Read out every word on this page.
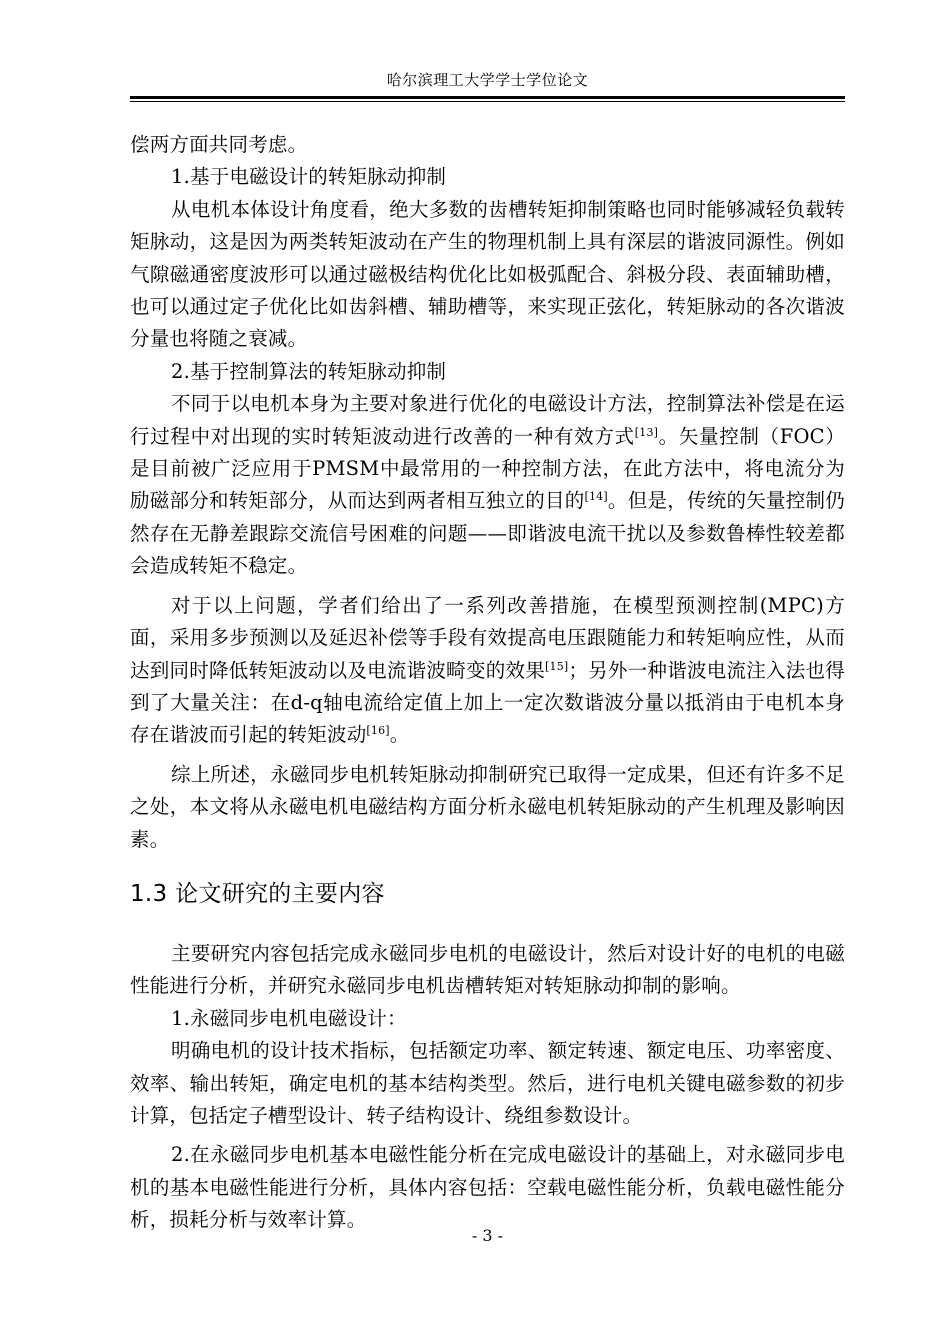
哈尔滨理工大学学士学位论文

偿两方面共同考虑。

1.基于电磁设计的转矩脉动抑制

从电机本体设计角度看，绝大多数的齿槽转矩抑制策略也同时能够减轻负载转矩脉动，这是因为两类转矩波动在产生的物理机制上具有深层的谐波同源性。例如气隙磁通密度波形可以通过磁极结构优化比如极弧配合、斜极分段、表面辅助槽，也可以通过定子优化比如齿斜槽、辅助槽等，来实现正弦化，转矩脉动的各次谐波分量也将随之衰减。

2.基于控制算法的转矩脉动抑制

不同于以电机本身为主要对象进行优化的电磁设计方法，控制算法补偿是在运行过程中对出现的实时转矩波动进行改善的一种有效方式[13]。矢量控制（FOC）是目前被广泛应用于PMSM中最常用的一种控制方法，在此方法中，将电流分为励磁部分和转矩部分，从而达到两者相互独立的目的[14]。但是，传统的矢量控制仍然存在无静差跟踪交流信号困难的问题——即谐波电流干扰以及参数鲁棒性较差都会造成转矩不稳定。

对于以上问题，学者们给出了一系列改善措施，在模型预测控制(MPC)方面，采用多步预测以及延迟补偿等手段有效提高电压跟随能力和转矩响应性，从而达到同时降低转矩波动以及电流谐波畸变的效果[15]；另外一种谐波电流注入法也得到了大量关注：在d-q轴电流给定值上加上一定次数谐波分量以抵消由于电机本身存在谐波而引起的转矩波动[16]。

综上所述，永磁同步电机转矩脉动抑制研究已取得一定成果，但还有许多不足之处，本文将从永磁电机电磁结构方面分析永磁电机转矩脉动的产生机理及影响因素。

1.3 论文研究的主要内容

主要研究内容包括完成永磁同步电机的电磁设计，然后对设计好的电机的电磁性能进行分析，并研究永磁同步电机齿槽转矩对转矩脉动抑制的影响。

1.永磁同步电机电磁设计：

明确电机的设计技术指标，包括额定功率、额定转速、额定电压、功率密度、效率、输出转矩，确定电机的基本结构类型。然后，进行电机关键电磁参数的初步计算，包括定子槽型设计、转子结构设计、绕组参数设计。

2.在永磁同步电机基本电磁性能分析在完成电磁设计的基础上，对永磁同步电机的基本电磁性能进行分析，具体内容包括：空载电磁性能分析，负载电磁性能分析，损耗分析与效率计算。

- 3 -
